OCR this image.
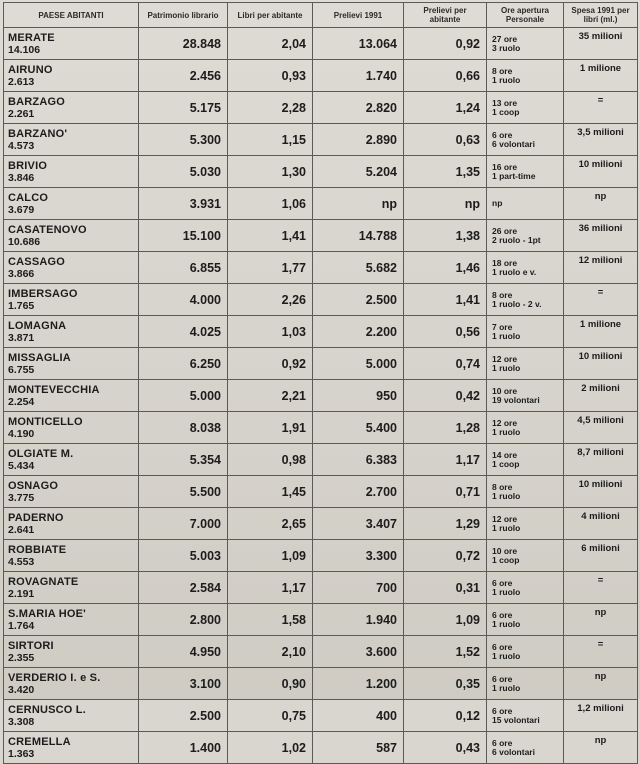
PAESE ABITANTI	Patrimonio librario	Libri per abitante	Prelievi 1991	Prelievi per abitante	Ore apertura Personale	Spesa 1991 per libri (ml.)

MERATE
14.106	28.848	2,04	13.064	0,92	27 ore
3 ruolo	35 milioni

AIRUNO
2.613	2.456	0,93	1.740	0,66	8 ore
1 ruolo	1 milione

BARZAGO
2.261	5.175	2,28	2.820	1,24	13 ore
1 coop	=

BARZANO'
4.573	5.300	1,15	2.890	0,63	6 ore
6 volontari	3,5 milioni

BRIVIO
3.846	5.030	1,30	5.204	1,35	16 ore
1 part-time	10 milioni

CALCO
3.679	3.931	1,06	np	np	np	np

CASATENOVO
10.686	15.100	1,41	14.788	1,38	26 ore
2 ruolo - 1pt	36 milioni

CASSAGO
3.866	6.855	1,77	5.682	1,46	18 ore
1 ruolo e v.	12 milioni

IMBERSAGO
1.765	4.000	2,26	2.500	1,41	8 ore
1 ruolo - 2 v.	=

LOMAGNA
3.871	4.025	1,03	2.200	0,56	7 ore
1 ruolo	1 milione

MISSAGLIA
6.755	6.250	0,92	5.000	0,74	12 ore
1 ruolo	10 milioni

MONTEVECCHIA
2.254	5.000	2,21	950	0,42	10 ore
19 volontari	2 milioni

MONTICELLO
4.190	8.038	1,91	5.400	1,28	12 ore
1 ruolo	4,5 milioni

OLGIATE M.
5.434	5.354	0,98	6.383	1,17	14 ore
1 coop	8,7 milioni

OSNAGO
3.775	5.500	1,45	2.700	0,71	8 ore
1 ruolo	10 milioni

PADERNO
2.641	7.000	2,65	3.407	1,29	12 ore
1 ruolo	4 milioni

ROBBIATE
4.553	5.003	1,09	3.300	0,72	10 ore
1 coop	6 milioni

ROVAGNATE
2.191	2.584	1,17	700	0,31	6 ore
1 ruolo	=

S.MARIA HOE'
1.764	2.800	1,58	1.940	1,09	6 ore
1 ruolo	np

SIRTORI
2.355	4.950	2,10	3.600	1,52	6 ore
1 ruolo	=

VERDERIO I. e S.
3.420	3.100	0,90	1.200	0,35	6 ore
1 ruolo	np

CERNUSCO L.
3.308	2.500	0,75	400	0,12	6 ore
15 volontari	1,2 milioni

CREMELLA
1.363	1.400	1,02	587	0,43	6 ore
6 volontari	np
